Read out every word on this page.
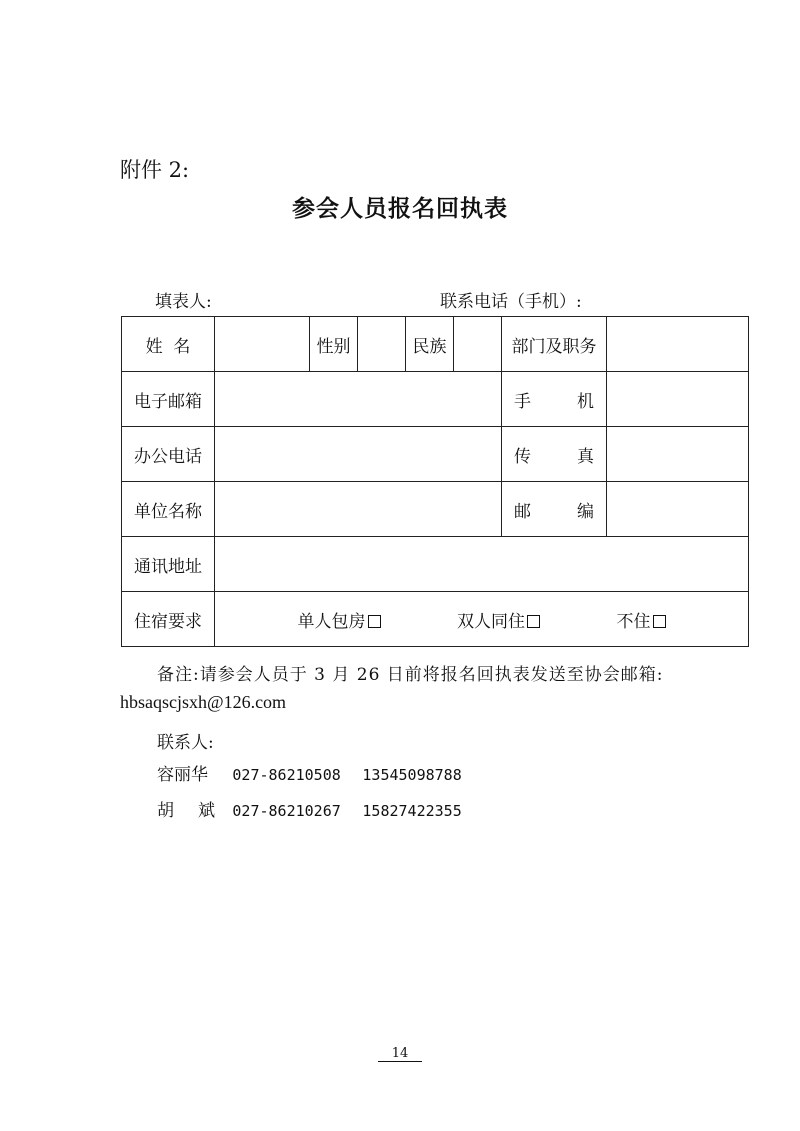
附件 2:
参会人员报名回执表
填表人:	联系电话（手机）:
姓 名		性别		民族		部门及职务	
电子邮箱						手 机	

办公电话						传 真	

单位名称						邮 编	

通讯地址							
住宿要求	单人包房 双人同住 不住						
备注:请参会人员于 3 月 26 日前将报名回执表发送至协会邮箱:
hbsaqscjsxh@126.com
联系人:
容丽华 027-86210508 13545098788
胡 斌 027-86210267 15827422355
14
